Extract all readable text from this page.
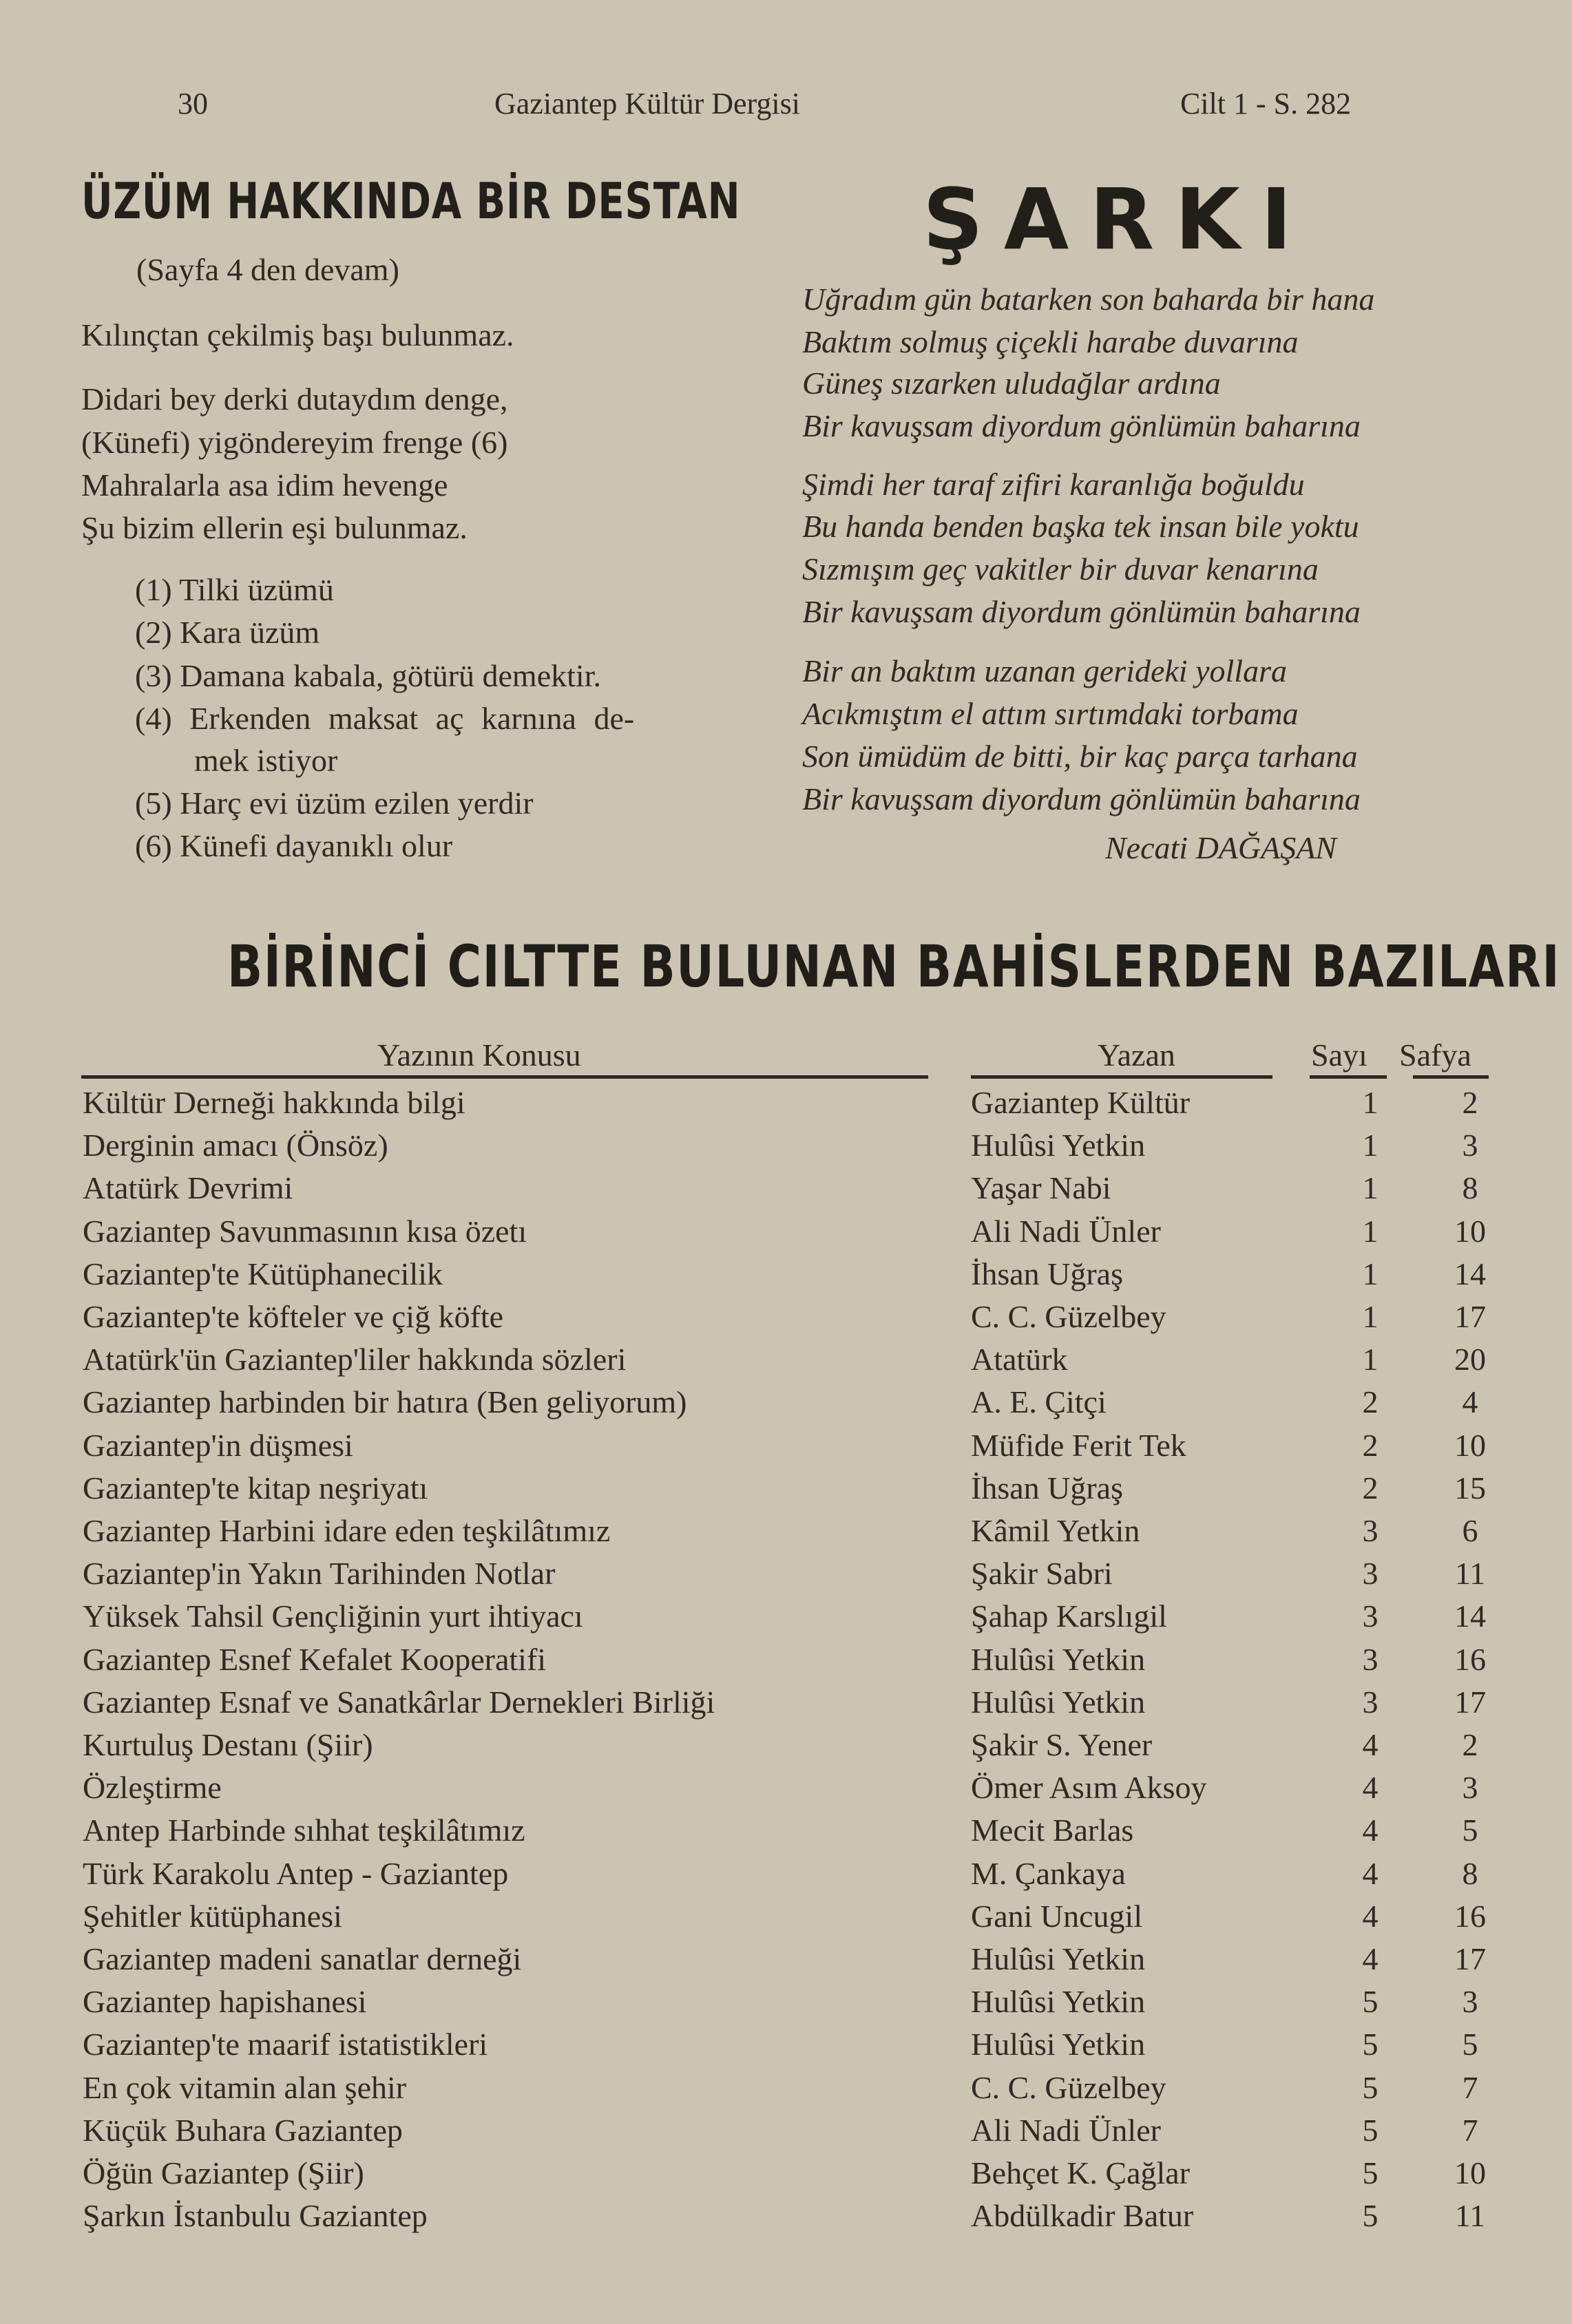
30	Gaziantep Kültür Dergisi	Cilt 1 - S. 282
ÜZÜM HAKKINDA BİR DESTAN
(Sayfa 4 den devam)
Kılınçtan çekilmiş başı bulunmaz.
Didari bey derki dutaydım denge,
(Künefi) yigöndereyim frenge (6)
Mahralarla asa idim hevenge
Şu bizim ellerin eşi bulunmaz.
(1) Tilki üzümü
(2) Kara üzüm
(3) Damana kabala, götürü demektir.
(4) Erkenden maksat aç karnına de-
mek istiyor
(5) Harç evi üzüm ezilen yerdir
(6) Künefi dayanıklı olur
ŞARKI
Uğradım gün batarken son baharda bir hana
Baktım solmuş çiçekli harabe duvarına
Güneş sızarken uludağlar ardına
Bir kavuşsam diyordum gönlümün baharına
Şimdi her taraf zifiri karanlığa boğuldu
Bu handa benden başka tek insan bile yoktu
Sızmışım geç vakitler bir duvar kenarına
Bir kavuşsam diyordum gönlümün baharına
Bir an baktım uzanan gerideki yollara
Acıkmıştım el attım sırtımdaki torbama
Son ümüdüm de bitti, bir kaç parça tarhana
Bir kavuşsam diyordum gönlümün baharına
Necati DAĞAŞAN
BİRİNCİ CILTTE BULUNAN BAHİSLERDEN BAZILARI
Yazının Konusu	Yazan	Sayı Safya
Kültür Derneği hakkında bilgi	Gaziantep Kültür	1	2
Derginin amacı (Önsöz)	Hulûsi Yetkin	1	3
Atatürk Devrimi	Yaşar Nabi	1	8
Gaziantep Savunmasının kısa özetı	Ali Nadi Ünler	1	10
Gaziantep'te Kütüphanecilik	İhsan Uğraş	1	14
Gaziantep'te köfteler ve çiğ köfte	C. C. Güzelbey	1	17
Atatürk'ün Gaziantep'liler hakkında sözleri	Atatürk	1	20
Gaziantep harbinden bir hatıra (Ben geliyorum)	A. E. Çitçi	2	4
Gaziantep'in düşmesi	Müfide Ferit Tek	2	10
Gaziantep'te kitap neşriyatı	İhsan Uğraş	2	15
Gaziantep Harbini idare eden teşkilâtımız	Kâmil Yetkin	3	6
Gaziantep'in Yakın Tarihinden Notlar	Şakir Sabri	3	11
Yüksek Tahsil Gençliğinin yurt ihtiyacı	Şahap Karslıgil	3	14
Gaziantep Esnef Kefalet Kooperatifi	Hulûsi Yetkin	3	16
Gaziantep Esnaf ve Sanatkârlar Dernekleri Birliği	Hulûsi Yetkin	3	17
Kurtuluş Destanı (Şiir)	Şakir S. Yener	4	2
Özleştirme	Ömer Asım Aksoy	4	3
Antep Harbinde sıhhat teşkilâtımız	Mecit Barlas	4	5
Türk Karakolu Antep - Gaziantep	M. Çankaya	4	8
Şehitler kütüphanesi	Gani Uncugil	4	16
Gaziantep madeni sanatlar derneği	Hulûsi Yetkin	4	17
Gaziantep hapishanesi	Hulûsi Yetkin	5	3
Gaziantep'te maarif istatistikleri	Hulûsi Yetkin	5	5
En çok vitamin alan şehir	C. C. Güzelbey	5	7
Küçük Buhara Gaziantep	Ali Nadi Ünler	5	7
Öğün Gaziantep (Şiir)	Behçet K. Çağlar	5	10
Şarkın İstanbulu Gaziantep	Abdülkadir Batur	5	11
